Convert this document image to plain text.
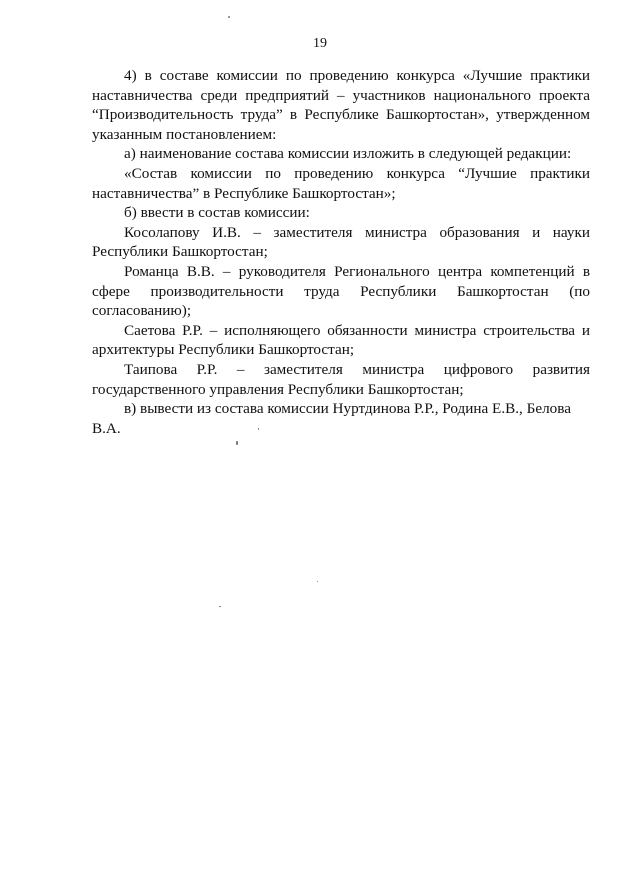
19

4) в составе комиссии по проведению конкурса «Лучшие практики наставничества среди предприятий – участников национального проекта “Производительность труда” в Республике Башкортостан», утвержденном указанным постановлением:

а) наименование состава комиссии изложить в следующей редакции:

«Состав комиссии по проведению конкурса “Лучшие практики наставничества” в Республике Башкортостан»;

б) ввести в состав комиссии:

Косолапову И.В. – заместителя министра образования и науки Республики Башкортостан;

Романца В.В. – руководителя Регионального центра компетенций в сфере производительности труда Республики Башкортостан (по согласованию);

Саетова Р.Р. – исполняющего обязанности министра строительства и архитектуры Республики Башкортостан;

Таипова Р.Р. – заместителя министра цифрового развития государственного управления Республики Башкортостан;

в) вывести из состава комиссии Нуртдинова Р.Р., Родина Е.В., Белова В.А.
